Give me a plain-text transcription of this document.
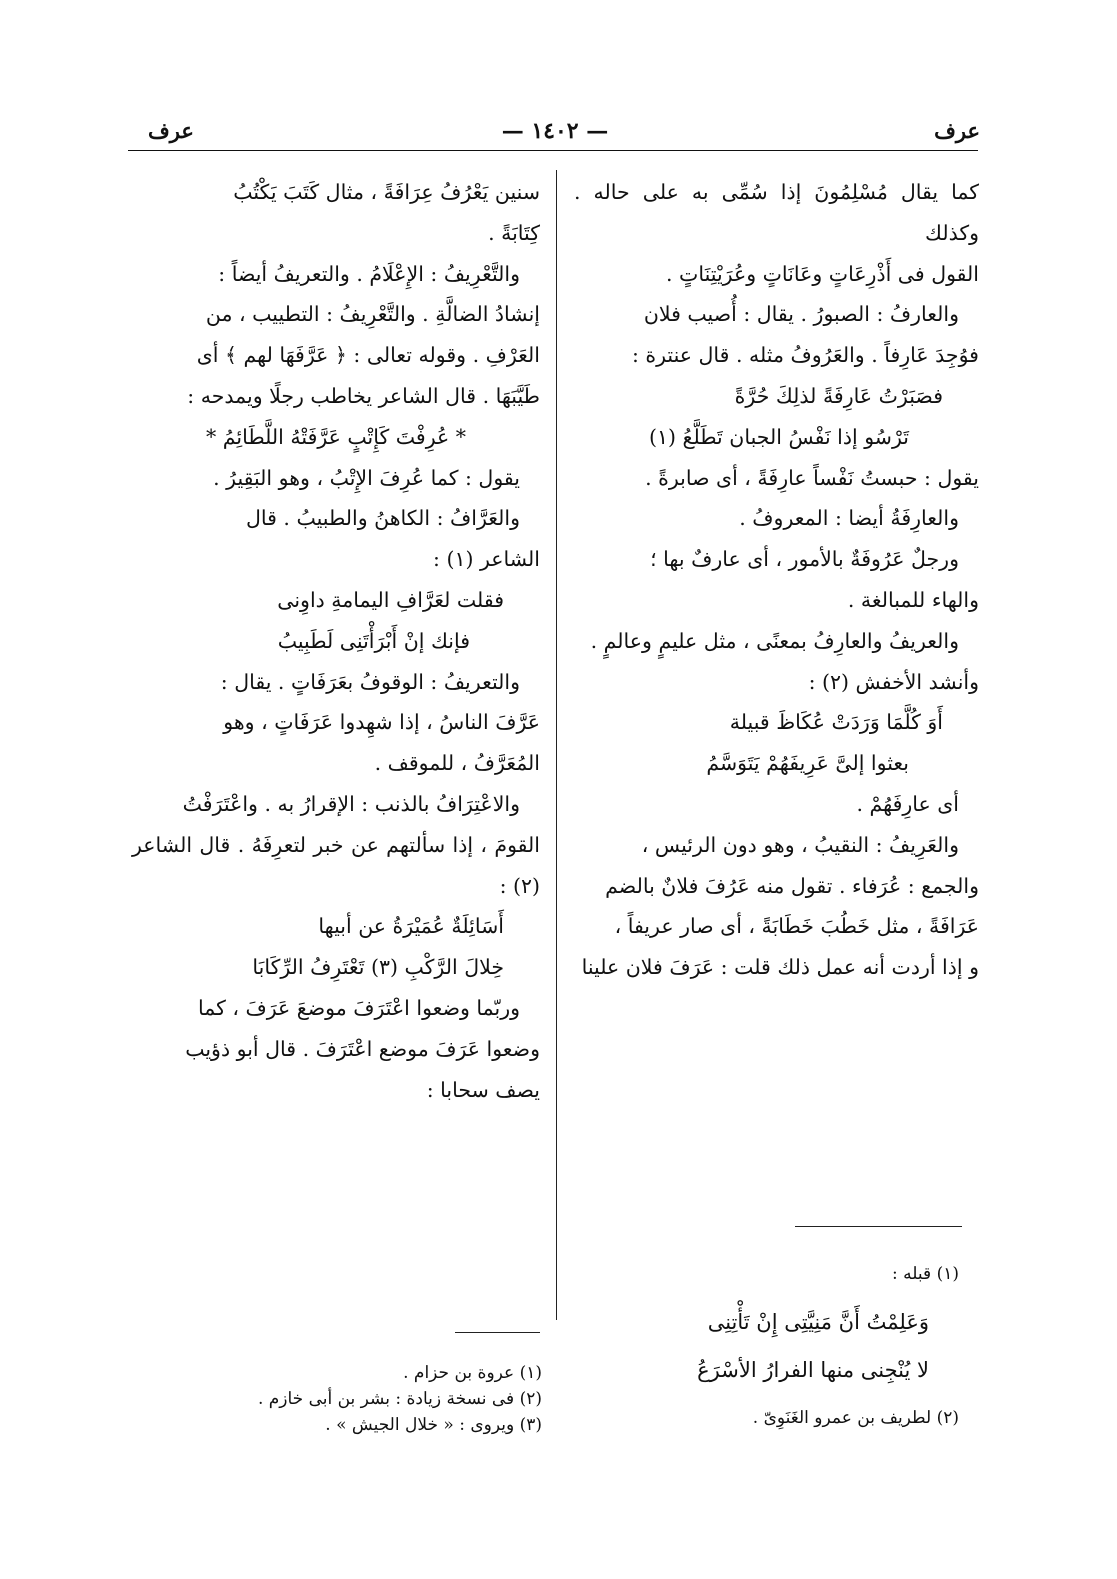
عرف
— ١٤٠٢ —
عرف

كما يقال مُسْلِمُونَ إذا سُمِّى به على حاله . وكذلك

القول فى أَذْرِعَاتٍ وعَانَاتٍ وعُرَيْتِنَاتٍ .

والعارفُ : الصبورُ . يقال : أُصيب فلان

فوُجِدَ عَارِفاً . والعَرُوفُ مثله . قال عنترة :

فصَبَرْتُ عَارِفَةً لذلِكَ حُرَّةً

تَرْسُو إذا نَفْسُ الجبان تَطَلَّعُ (١)

يقول : حبستُ نَفْساً عارِفَةً ، أى صابرةً .

والعارِفَةُ أيضا : المعروفُ .

ورجلٌ عَرُوفَةٌ بالأمور ، أى عارفٌ بها ؛

والهاء للمبالغة .

والعريفُ والعارِفُ بمعنًى ، مثل عليمٍ وعالمٍ .

وأنشد الأخفش (٢) :

أَوَ كُلَّمَا وَرَدَتْ عُكَاظَ قبيلة

بعثوا إلىَّ عَرِيفَهُمْ يَتَوَسَّمُ

أى عارِفَهُمْ .

والعَرِيفُ : النقيبُ ، وهو دون الرئيس ،

والجمع : عُرَفاء . تقول منه عَرُفَ فلانٌ بالضم

عَرَافَةً ، مثل خَطُبَ خَطَابَةً ، أى صار عريفاً ،

و إذا أردت أنه عمل ذلك قلت : عَرَفَ فلان علينا

سنين يَعْرُفُ عِرَافَةً ، مثال كَتَبَ يَكْتُبُ

كِتَابَةً .

والتَّعْرِيفُ : الإِعْلَامُ . والتعريفُ أيضاً :

إنشادُ الضالَّةِ . والتَّعْرِيفُ : التطييب ، من

العَرْفِ . وقوله تعالى : ﴿ عَرَّفَهَا لهم ﴾ أى

طَيَّبَهَا . قال الشاعر يخاطب رجلًا ويمدحه :

* عُرِفْتَ كَإِتْبٍ عَرَّفَتْهُ اللَّطَائِمُ *

يقول : كما عُرِفَ الإِتْبُ ، وهو البَقِيرُ .

والعَرَّافُ : الكاهنُ والطبيبُ . قال

الشاعر (١) :

فقلت لعَرَّافِ اليمامةِ داوِنى

فإنك إنْ أَبْرَأْتَنِى لَطَبِيبُ

والتعريفُ : الوقوفُ بعَرَفَاتٍ . يقال :

عَرَّفَ الناسُ ، إذا شهِدوا عَرَفَاتٍ ، وهو

المُعَرَّفُ ، للموقف .

والاعْتِرَافُ بالذنب : الإقرارُ به . واعْتَرَفْتُ

القومَ ، إذا سألتهم عن خبر لتعرِفَهُ . قال الشاعر (٢) :

أَسَائِلَةٌ عُمَيْرَةُ عن أبيها

خِلالَ الرَّكْبِ (٣) تَعْتَرِفُ الرِّكَابَا

وربّما وضعوا اعْتَرَفَ موضعَ عَرَفَ ، كما

وضعوا عَرَفَ موضع اعْتَرَفَ . قال أبو ذؤيب

يصف سحابا :

(١) عروة بن حزام .

(٢) فى نسخة زيادة : بشر بن أبى خازم .

(٣) ويروى : « خلال الجيش » .

(١) قبله :

وَعَلِمْتُ أَنَّ مَنِيَّتِى إِنْ تَأْتِنِى

لا يُنْجِنى منها الفرارُ الأسْرَعُ

(٢) لطريف بن عمرو الغَنَوِىّ .
